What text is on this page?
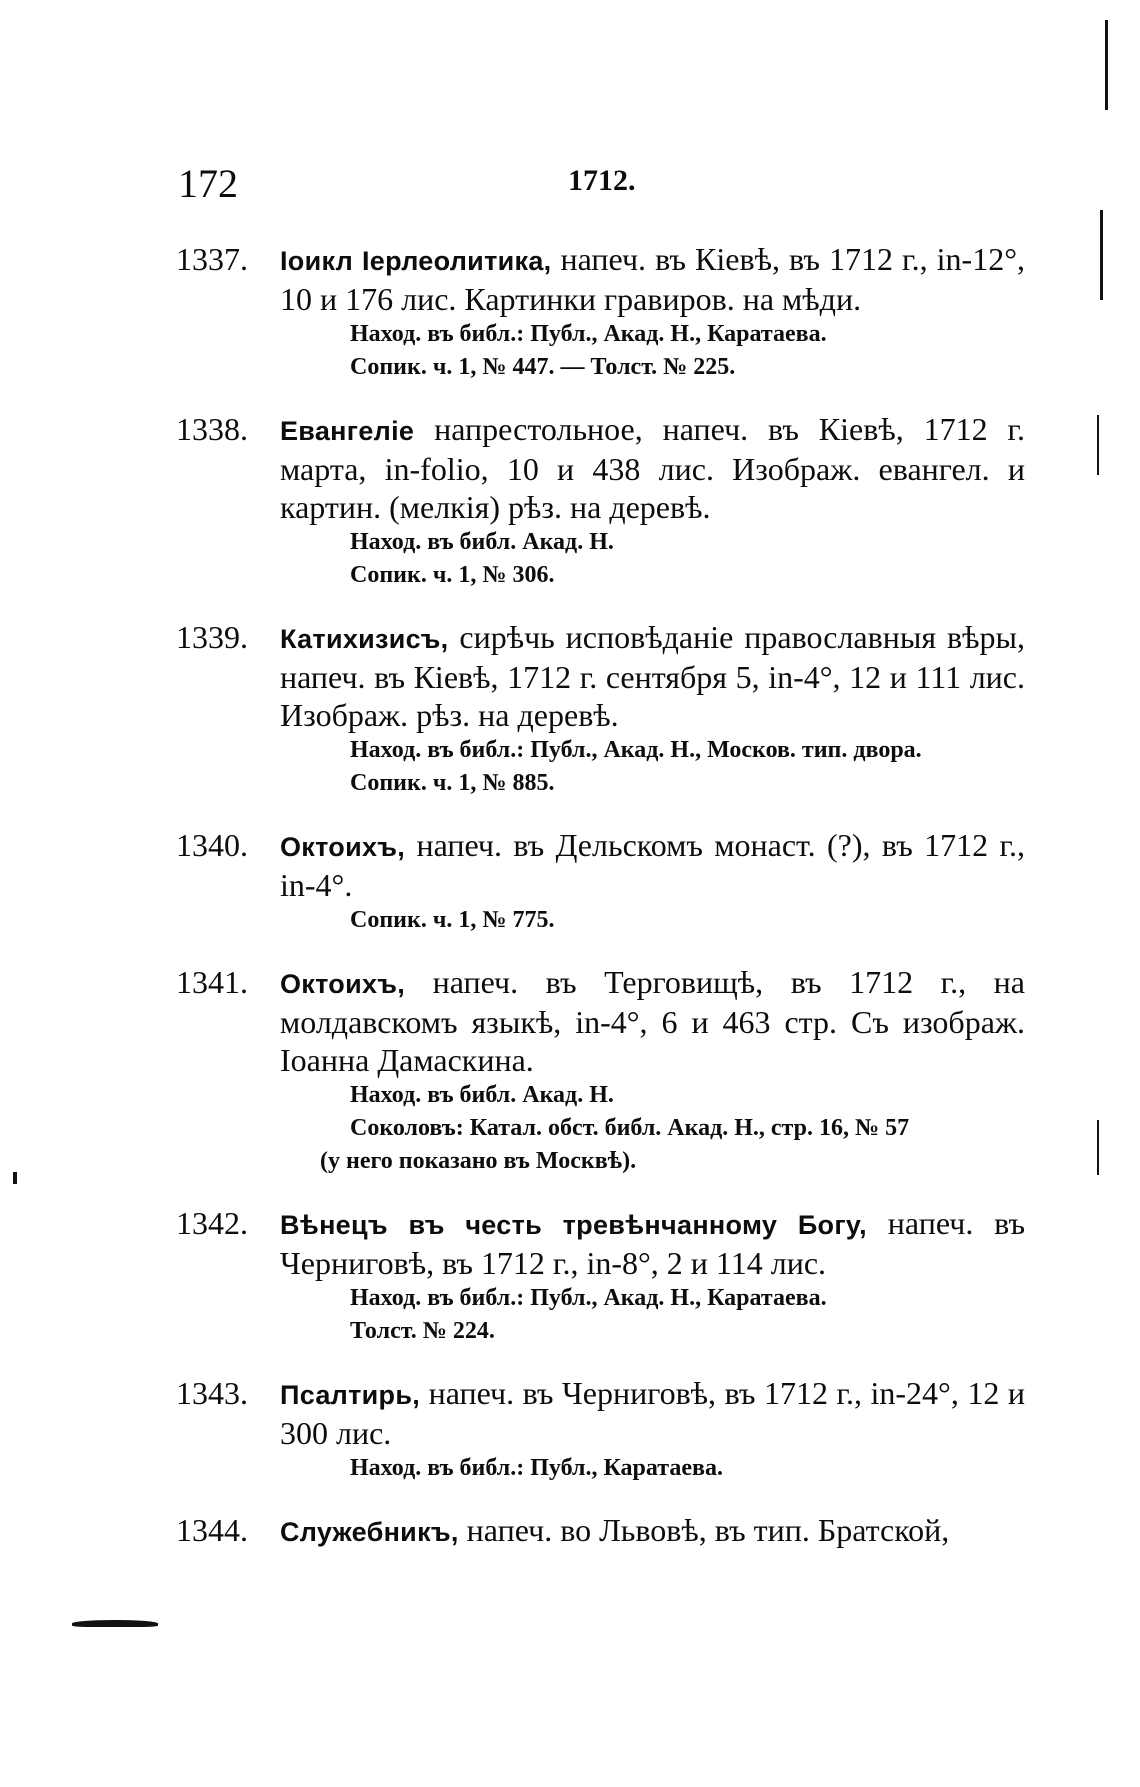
172	1712.
1337.	Іоикл Іерлеолитика, напеч. въ Кіевѣ, въ 1712 г., in-12°, 10 и 176 лис. Картинки гравиров. на мѣди.
Наход. въ библ.: Публ., Акад. Н., Каратаева.
Сопик. ч. 1, № 447. — Толст. № 225.
1338.	Евангеліе напрестольное, напеч. въ Кіевѣ, 1712 г. марта, in-folio, 10 и 438 лис. Изображ. евангел. и картин. (мелкія) рѣз. на деревѣ.
Наход. въ библ. Акад. Н.
Сопик. ч. 1, № 306.
1339.	Катихизисъ, сирѣчь исповѣданіе православныя вѣры, напеч. въ Кіевѣ, 1712 г. сентября 5, in-4°, 12 и 111 лис. Изображ. рѣз. на деревѣ.
Наход. въ библ.: Публ., Акад. Н., Москов. тип. двора.
Сопик. ч. 1, № 885.
1340.	Октоихъ, напеч. въ Дельскомъ монаст. (?), въ 1712 г., in-4°.
Сопик. ч. 1, № 775.
1341.	Октоихъ, напеч. въ Терговищѣ, въ 1712 г., на молдавскомъ языкѣ, in-4°, 6 и 463 стр. Съ изображ. Іоанна Дамаскина.
Наход. въ библ. Акад. Н.
Соколовъ: Катал. обст. библ. Акад. Н., стр. 16, № 57
(у него показано въ Москвѣ).
1342.	Вѣнецъ въ честь тревѣнчанному Богу, напеч. въ Черниговѣ, въ 1712 г., in-8°, 2 и 114 лис.
Наход. въ библ.: Публ., Акад. Н., Каратаева.
Толст. № 224.
1343.	Псалтирь, напеч. въ Черниговѣ, въ 1712 г., in-24°, 12 и 300 лис.
Наход. въ библ.: Публ., Каратаева.
1344.	Служебникъ, напеч. во Львовѣ, въ тип. Братской,
